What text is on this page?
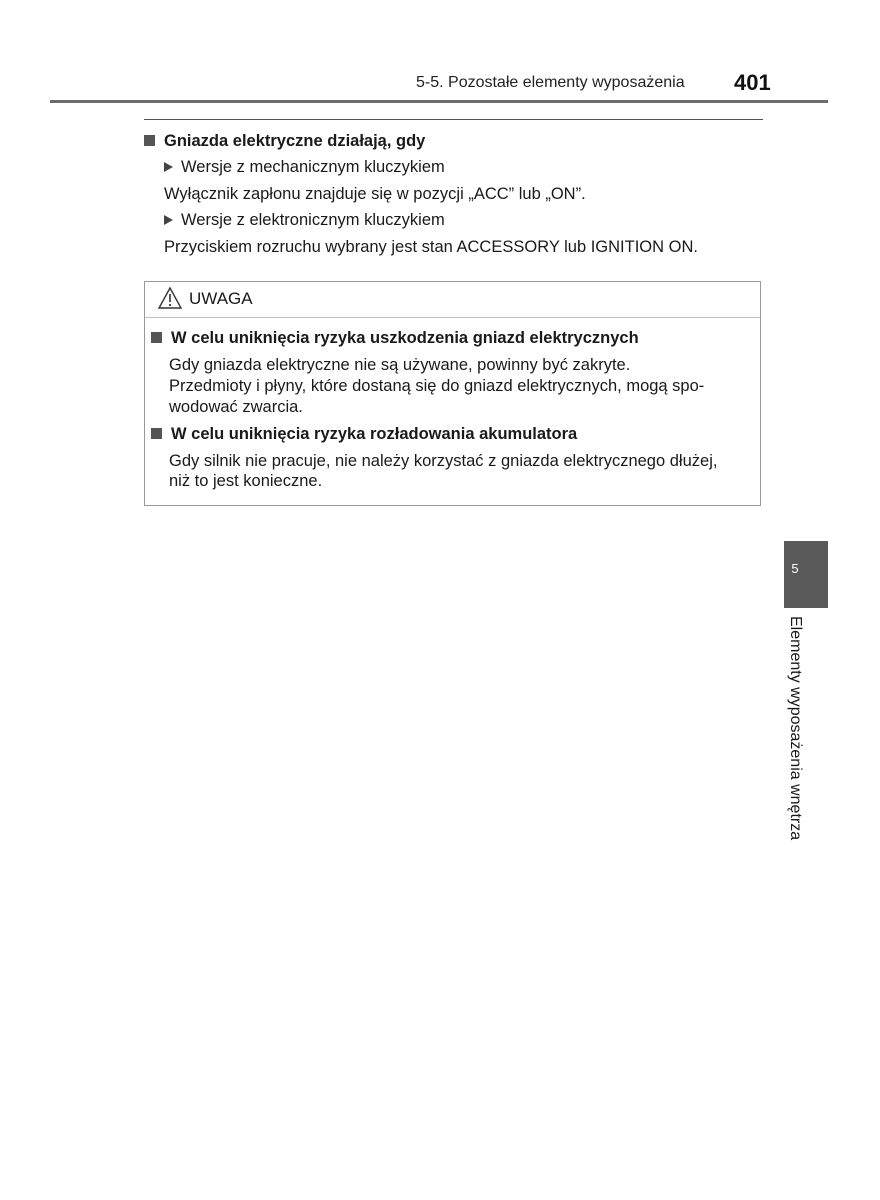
5-5. Pozostałe elementy wyposażenia 401
Gniazda elektryczne działają, gdy
Wersje z mechanicznym kluczykiem
Wyłącznik zapłonu znajduje się w pozycji „ACC” lub „ON”.
Wersje z elektronicznym kluczykiem
Przyciskiem rozruchu wybrany jest stan ACCESSORY lub IGNITION ON.
UWAGA
W celu uniknięcia ryzyka uszkodzenia gniazd elektrycznych
Gdy gniazda elektryczne nie są używane, powinny być zakryte.
Przedmioty i płyny, które dostaną się do gniazd elektrycznych, mogą spo-
wodować zwarcia.
W celu uniknięcia ryzyka rozładowania akumulatora
Gdy silnik nie pracuje, nie należy korzystać z gniazda elektrycznego dłużej,
niż to jest konieczne.
5
Elementy wyposażenia wnętrza
